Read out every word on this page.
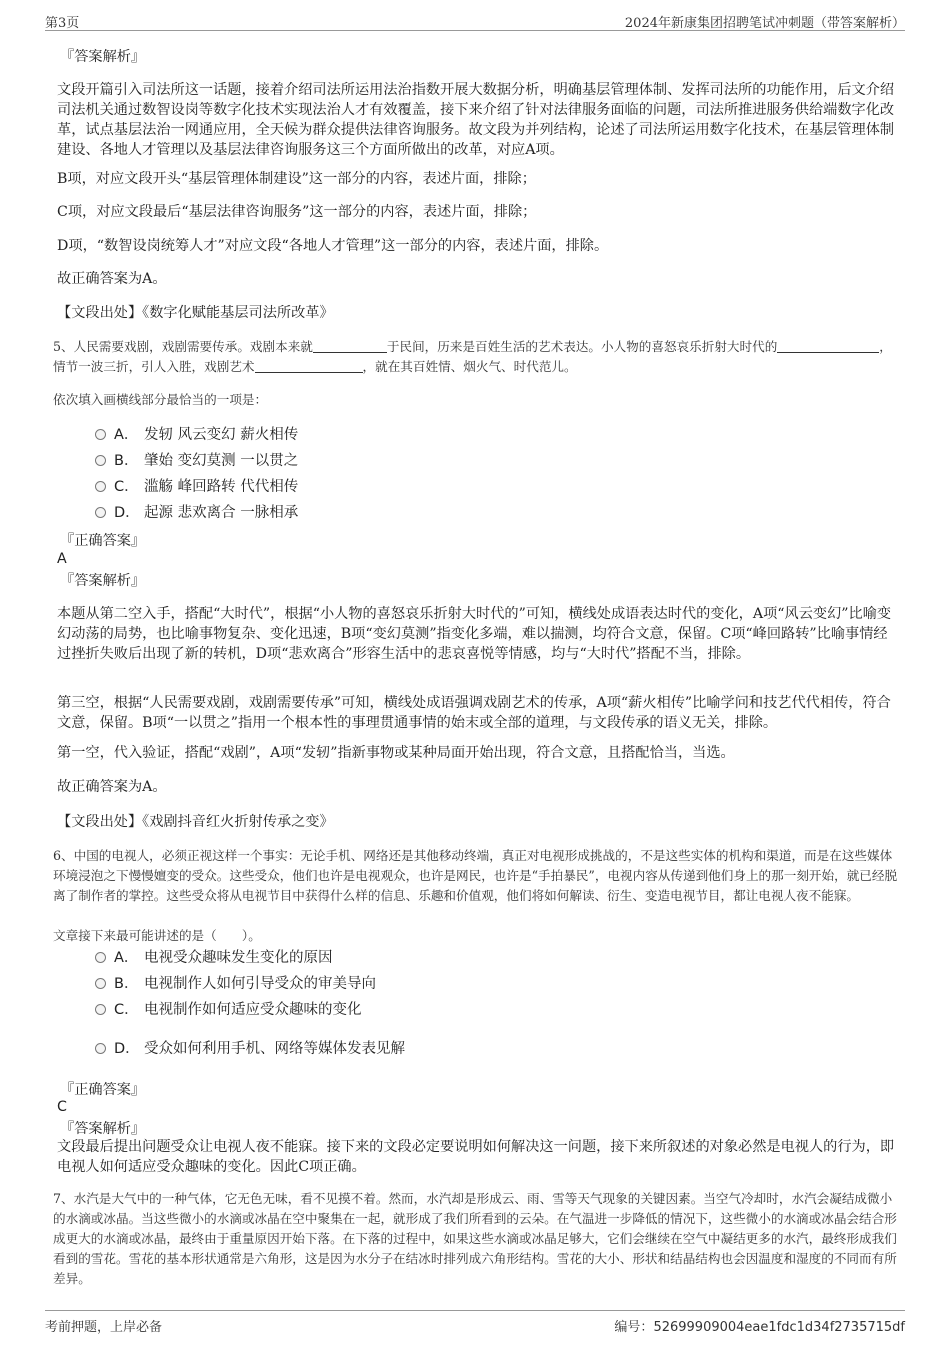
第3页	2024年新康集团招聘笔试冲刺题（带答案解析）
『答案解析』
文段开篇引入司法所这一话题，接着介绍司法所运用法治指数开展大数据分析，明确基层管理体制、发挥司法所的功能作用，后文介绍司法机关通过数智设岗等数字化技术实现法治人才有效覆盖，接下来介绍了针对法律服务面临的问题，司法所推进服务供给端数字化改革，试点基层法治一网通应用，全天候为群众提供法律咨询服务。故文段为并列结构，论述了司法所运用数字化技术，在基层管理体制建设、各地人才管理以及基层法律咨询服务这三个方面所做出的改革，对应A项。
B项，对应文段开头“基层管理体制建设”这一部分的内容，表述片面，排除；
C项，对应文段最后“基层法律咨询服务”这一部分的内容，表述片面，排除；
D项，“数智设岗统筹人才”对应文段“各地人才管理”这一部分的内容，表述片面，排除。
故正确答案为A。
【文段出处】《数字化赋能基层司法所改革》
5、人民需要戏剧，戏剧需要传承。戏剧本来就	于民间，历来是百姓生活的艺术表达。小人物的喜怒哀乐折射大时代的	，情节一波三折，引人入胜，戏剧艺术	，就在其百姓情、烟火气、时代范儿。
依次填入画横线部分最恰当的一项是：
A． 发轫 风云变幻 薪火相传
B． 肇始 变幻莫测 一以贯之
C． 滥觞 峰回路转 代代相传
D． 起源 悲欢离合 一脉相承
『正确答案』
A
『答案解析』
本题从第二空入手，搭配“大时代”，根据“小人物的喜怒哀乐折射大时代的”可知，横线处成语表达时代的变化，A项“风云变幻”比喻变幻动荡的局势，也比喻事物复杂、变化迅速，B项“变幻莫测”指变化多端，难以揣测，均符合文意，保留。C项“峰回路转”比喻事情经过挫折失败后出现了新的转机，D项“悲欢离合”形容生活中的悲哀喜悦等情感，均与“大时代”搭配不当，排除。
第三空，根据“人民需要戏剧，戏剧需要传承”可知，横线处成语强调戏剧艺术的传承，A项“薪火相传”比喻学问和技艺代代相传，符合文意，保留。B项“一以贯之”指用一个根本性的事理贯通事情的始末或全部的道理，与文段传承的语义无关，排除。
第一空，代入验证，搭配“戏剧”，A项“发轫”指新事物或某种局面开始出现，符合文意，且搭配恰当，当选。
故正确答案为A。
【文段出处】《戏剧抖音红火折射传承之变》
6、中国的电视人，必须正视这样一个事实：无论手机、网络还是其他移动终端，真正对电视形成挑战的，不是这些实体的机构和渠道，而是在这些媒体环境浸泡之下慢慢嬗变的受众。这些受众，他们也许是电视观众，也许是网民，也许是“手拍暴民”，电视内容从传递到他们身上的那一刻开始，就已经脱离了制作者的掌控。这些受众将从电视节目中获得什么样的信息、乐趣和价值观，他们将如何解读、衍生、变造电视节目，都让电视人夜不能寐。
文章接下来最可能讲述的是（　　）。
A． 电视受众趣味发生变化的原因
B． 电视制作人如何引导受众的审美导向
C． 电视制作如何适应受众趣味的变化
D． 受众如何利用手机、网络等媒体发表见解
『正确答案』
C
『答案解析』
文段最后提出问题受众让电视人夜不能寐。接下来的文段必定要说明如何解决这一问题，接下来所叙述的对象必然是电视人的行为，即电视人如何适应受众趣味的变化。因此C项正确。
7、水汽是大气中的一种气体，它无色无味，看不见摸不着。然而，水汽却是形成云、雨、雪等天气现象的关键因素。当空气冷却时，水汽会凝结成微小的水滴或冰晶。当这些微小的水滴或冰晶在空中聚集在一起，就形成了我们所看到的云朵。在气温进一步降低的情况下，这些微小的水滴或冰晶会结合形成更大的水滴或冰晶，最终由于重量原因开始下落。在下落的过程中，如果这些水滴或冰晶足够大，它们会继续在空气中凝结更多的水汽，最终形成我们看到的雪花。雪花的基本形状通常是六角形，这是因为水分子在结冰时排列成六角形结构。雪花的大小、形状和结晶结构也会因温度和湿度的不同而有所差异。
考前押题，上岸必备	编号：52699909004eae1fdc1d34f2735715df
